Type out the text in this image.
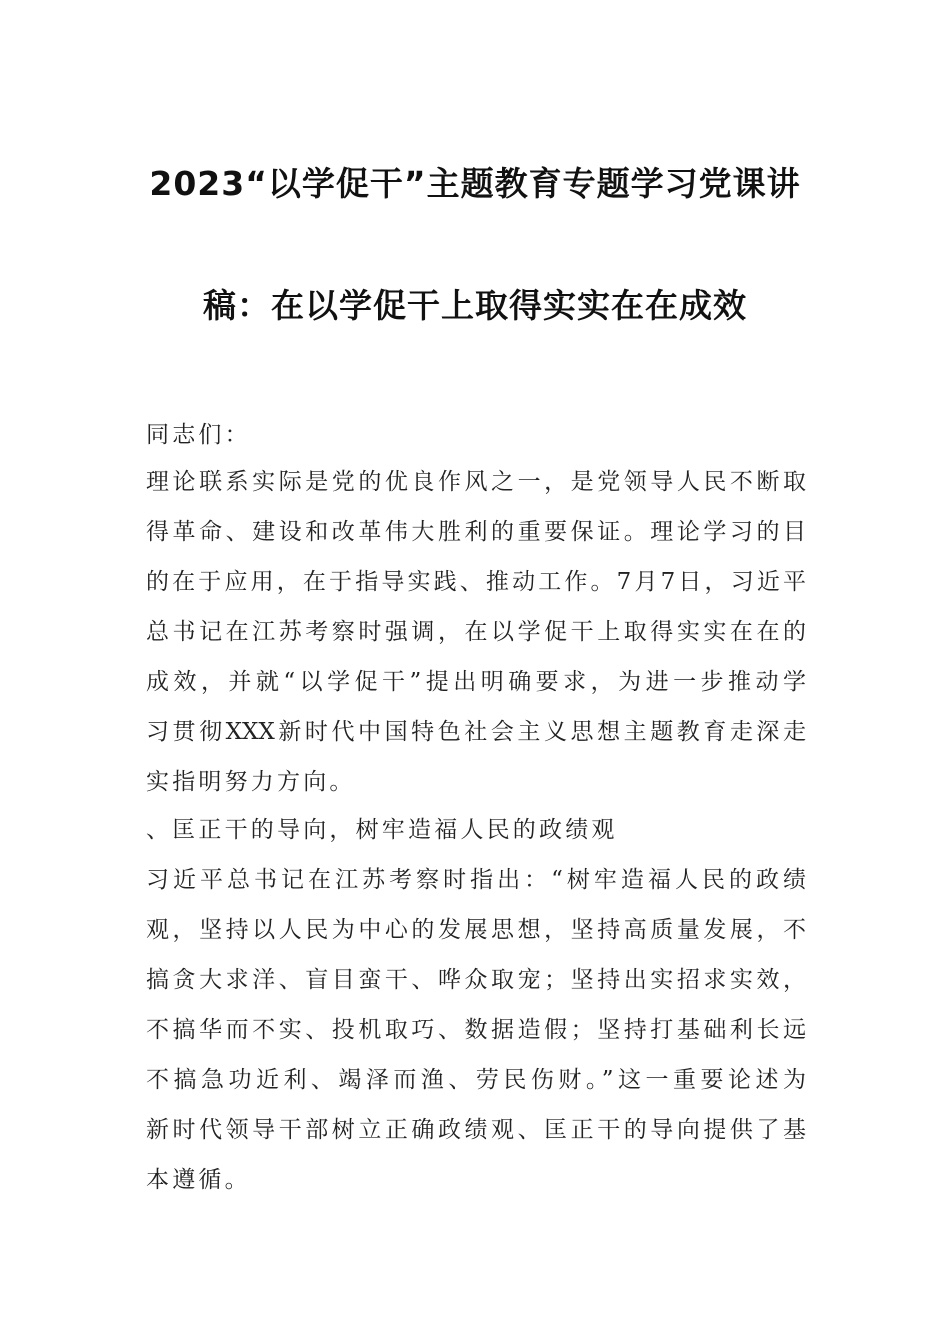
2023“以学促干”主题教育专题学习党课讲
稿：在以学促干上取得实实在在成效
同志们：
理论联系实际是党的优良作风之一，是党领导人民不断取
得革命、建设和改革伟大胜利的重要保证。理论学习的目
的在于应用，在于指导实践、推动工作。7月7日，习近平
总书记在江苏考察时强调，在以学促干上取得实实在在的
成效，并就“以学促干”提出明确要求，为进一步推动学
习贯彻XXX新时代中国特色社会主义思想主题教育走深走
实指明努力方向。
、匡正干的导向，树牢造福人民的政绩观
习近平总书记在江苏考察时指出：“树牢造福人民的政绩
观，坚持以人民为中心的发展思想，坚持高质量发展，不
搞贪大求洋、盲目蛮干、哗众取宠；坚持出实招求实效，
不搞华而不实、投机取巧、数据造假；坚持打基础利长远
不搞急功近利、竭泽而渔、劳民伤财。”这一重要论述为
新时代领导干部树立正确政绩观、匡正干的导向提供了基
本遵循。
